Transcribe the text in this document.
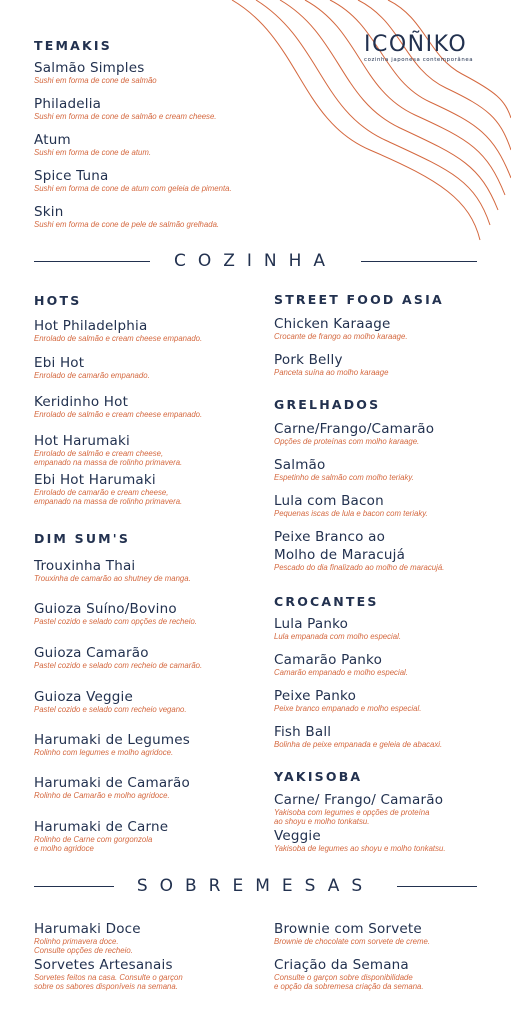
ICOÑIKO
cozinha japonesa contemporânea
TEMAKIS
Salmão Simples
Sushi em forma de cone de salmão
Philadelia
Sushi em forma de cone de salmão e cream cheese.
Atum
Sushi em forma de cone de atum.
Spice Tuna
Sushi em forma de cone de atum com geleia de pimenta.
Skin
Sushi em forma de cone de pele de salmão grelhada.
HOTS
Hot Philadelphia
Enrolado de salmão e cream cheese empanado.
Ebi Hot
Enrolado de camarão empanado.
Keridinho Hot
Enrolado de salmão e cream cheese empanado.
Hot Harumaki
Enrolado de salmão e cream cheese,
empanado na massa de rolinho primavera.
Ebi Hot Harumaki
Enrolado de camarão e cream cheese,
empanado na massa de rolinho primavera.
DIM SUM'S
Trouxinha Thai
Trouxinha de camarão ao shutney de manga.
Guioza Suíno/Bovino
Pastel cozido e selado com opções de recheio.
Guioza Camarão
Pastel cozido e selado com recheio de camarão.
Guioza Veggie
Pastel cozido e selado com recheio vegano.
Harumaki de Legumes
Rolinho com legumes e molho agridoce.
Harumaki de Camarão
Rolinho de Camarão e molho agridoce.
Harumaki de Carne
Rolinho de Carne com gorgonzola
e molho agridoce
STREET FOOD ASIA
Chicken Karaage
Crocante de frango ao molho karaage.
Pork Belly
Panceta suína ao molho karaage
GRELHADOS
Carne/Frango/Camarão
Opções de proteínas com molho karaage.
Salmão
Espetinho de salmão com molho teriaky.
Lula com Bacon
Pequenas iscas de lula e bacon com teriaky.
Peixe Branco ao
Molho de Maracujá
Pescado do dia finalizado ao molho de maracujá.
CROCANTES
Lula Panko
Lula empanada com molho especial.
Camarão Panko
Camarão empanado e molho especial.
Peixe Panko
Peixe branco empanado e molho especial.
Fish Ball
Bolinha de peixe empanada e geleia de abacaxi.
YAKISOBA
Carne/ Frango/ Camarão
Yakisoba com legumes e opções de proteína
ao shoyu e molho tonkatsu.
Veggie
Yakisoba de legumes ao shoyu e molho tonkatsu.
Harumaki Doce
Rolinho primavera doce.
Consulte opções de recheio.
Sorvetes Artesanais
Sorvetes feitos na casa. Consulte o garçon
sobre os sabores disponíveis na semana.
Brownie com Sorvete
Brownie de chocolate com sorvete de creme.
Criação da Semana
Consulte o garçon sobre disponibilidade
e opção da sobremesa criação da semana.
COZINHA
SOBREMESAS
